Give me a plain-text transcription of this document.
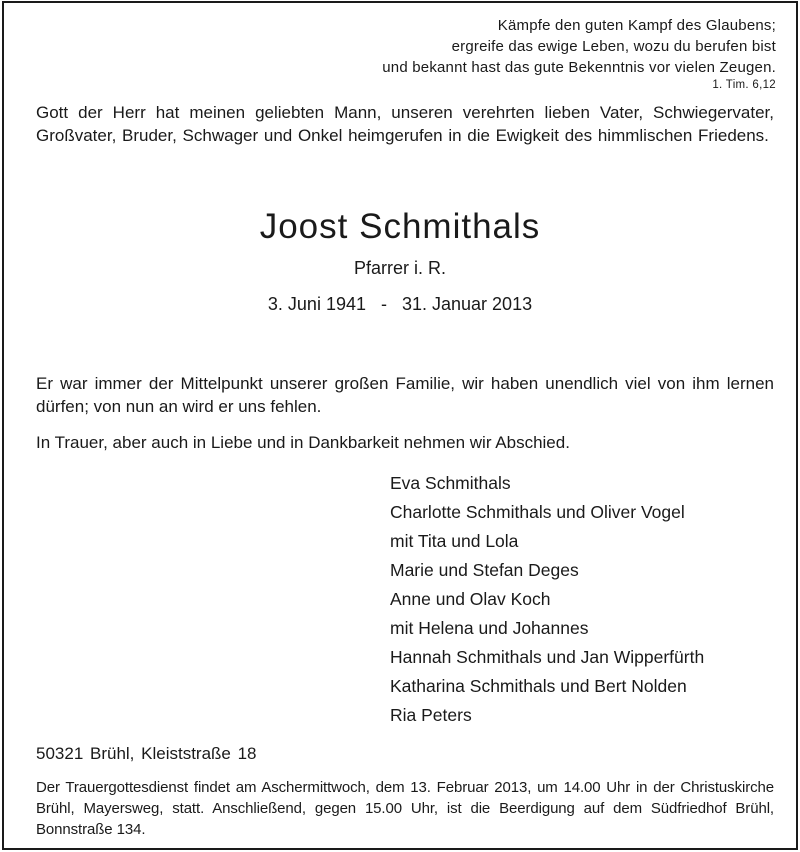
Kämpfe den guten Kampf des Glaubens;
ergreife das ewige Leben, wozu du berufen bist
und bekannt hast das gute Bekenntnis vor vielen Zeugen.
1. Tim. 6,12
Gott der Herr hat meinen geliebten Mann, unseren verehrten lieben Vater, Schwiegervater, Großvater, Bruder, Schwager und Onkel heimgerufen in die Ewigkeit des himmlischen Friedens.
Joost Schmithals
Pfarrer i. R.
3. Juni 1941   -   31. Januar 2013
Er war immer der Mittelpunkt unserer großen Familie, wir haben unendlich viel von ihm lernen dürfen; von nun an wird er uns fehlen.
In Trauer, aber auch in Liebe und in Dankbarkeit nehmen wir Abschied.
Eva Schmithals
Charlotte Schmithals und Oliver Vogel
mit Tita und Lola
Marie und Stefan Deges
Anne und Olav Koch
mit Helena und Johannes
Hannah Schmithals und Jan Wipperfürth
Katharina Schmithals und Bert Nolden
Ria Peters
50321 Brühl, Kleiststraße 18
Der Trauergottesdienst findet am Aschermittwoch, dem 13. Februar 2013, um 14.00 Uhr in der Christuskirche Brühl, Mayersweg, statt. Anschließend, gegen 15.00 Uhr, ist die Beerdigung auf dem Südfriedhof Brühl, Bonnstraße 134.
